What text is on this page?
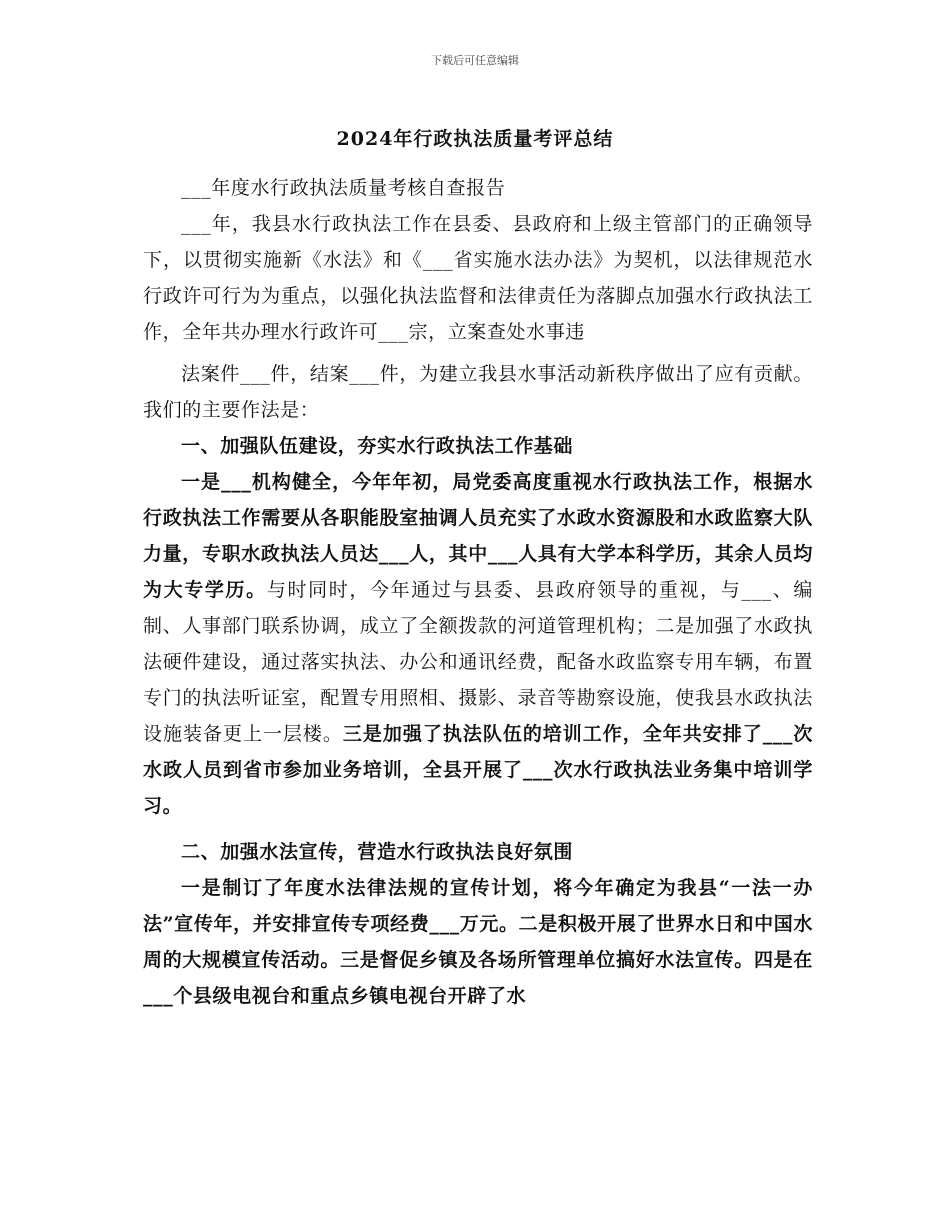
下载后可任意编辑
2024年行政执法质量考评总结

___年度水行政执法质量考核自查报告

___年，我县水行政执法工作在县委、县政府和上级主管部门的正确领导下，以贯彻实施新《水法》和《___省实施水法办法》为契机，以法律规范水行政许可行为为重点，以强化执法监督和法律责任为落脚点加强水行政执法工作，全年共办理水行政许可___宗，立案查处水事违

法案件___件，结案___件，为建立我县水事活动新秩序做出了应有贡献。我们的主要作法是：

一、加强队伍建设，夯实水行政执法工作基础

一是___机构健全，今年年初，局党委高度重视水行政执法工作，根据水行政执法工作需要从各职能股室抽调人员充实了水政水资源股和水政监察大队力量，专职水政执法人员达___人，其中___人具有大学本科学历，其余人员均为大专学历。与时同时，今年通过与县委、县政府领导的重视，与___、编制、人事部门联系协调，成立了全额拨款的河道管理机构；二是加强了水政执法硬件建设，通过落实执法、办公和通讯经费，配备水政监察专用车辆，布置专门的执法听证室，配置专用照相、摄影、录音等勘察设施，使我县水政执法设施装备更上一层楼。三是加强了执法队伍的培训工作，全年共安排了___次水政人员到省市参加业务培训，全县开展了___次水行政执法业务集中培训学习。

二、加强水法宣传，营造水行政执法良好氛围

一是制订了年度水法律法规的宣传计划，将今年确定为我县“一法一办法”宣传年，并安排宣传专项经费___万元。二是积极开展了世界水日和中国水周的大规模宣传活动。三是督促乡镇及各场所管理单位搞好水法宣传。四是在___个县级电视台和重点乡镇电视台开辟了水
